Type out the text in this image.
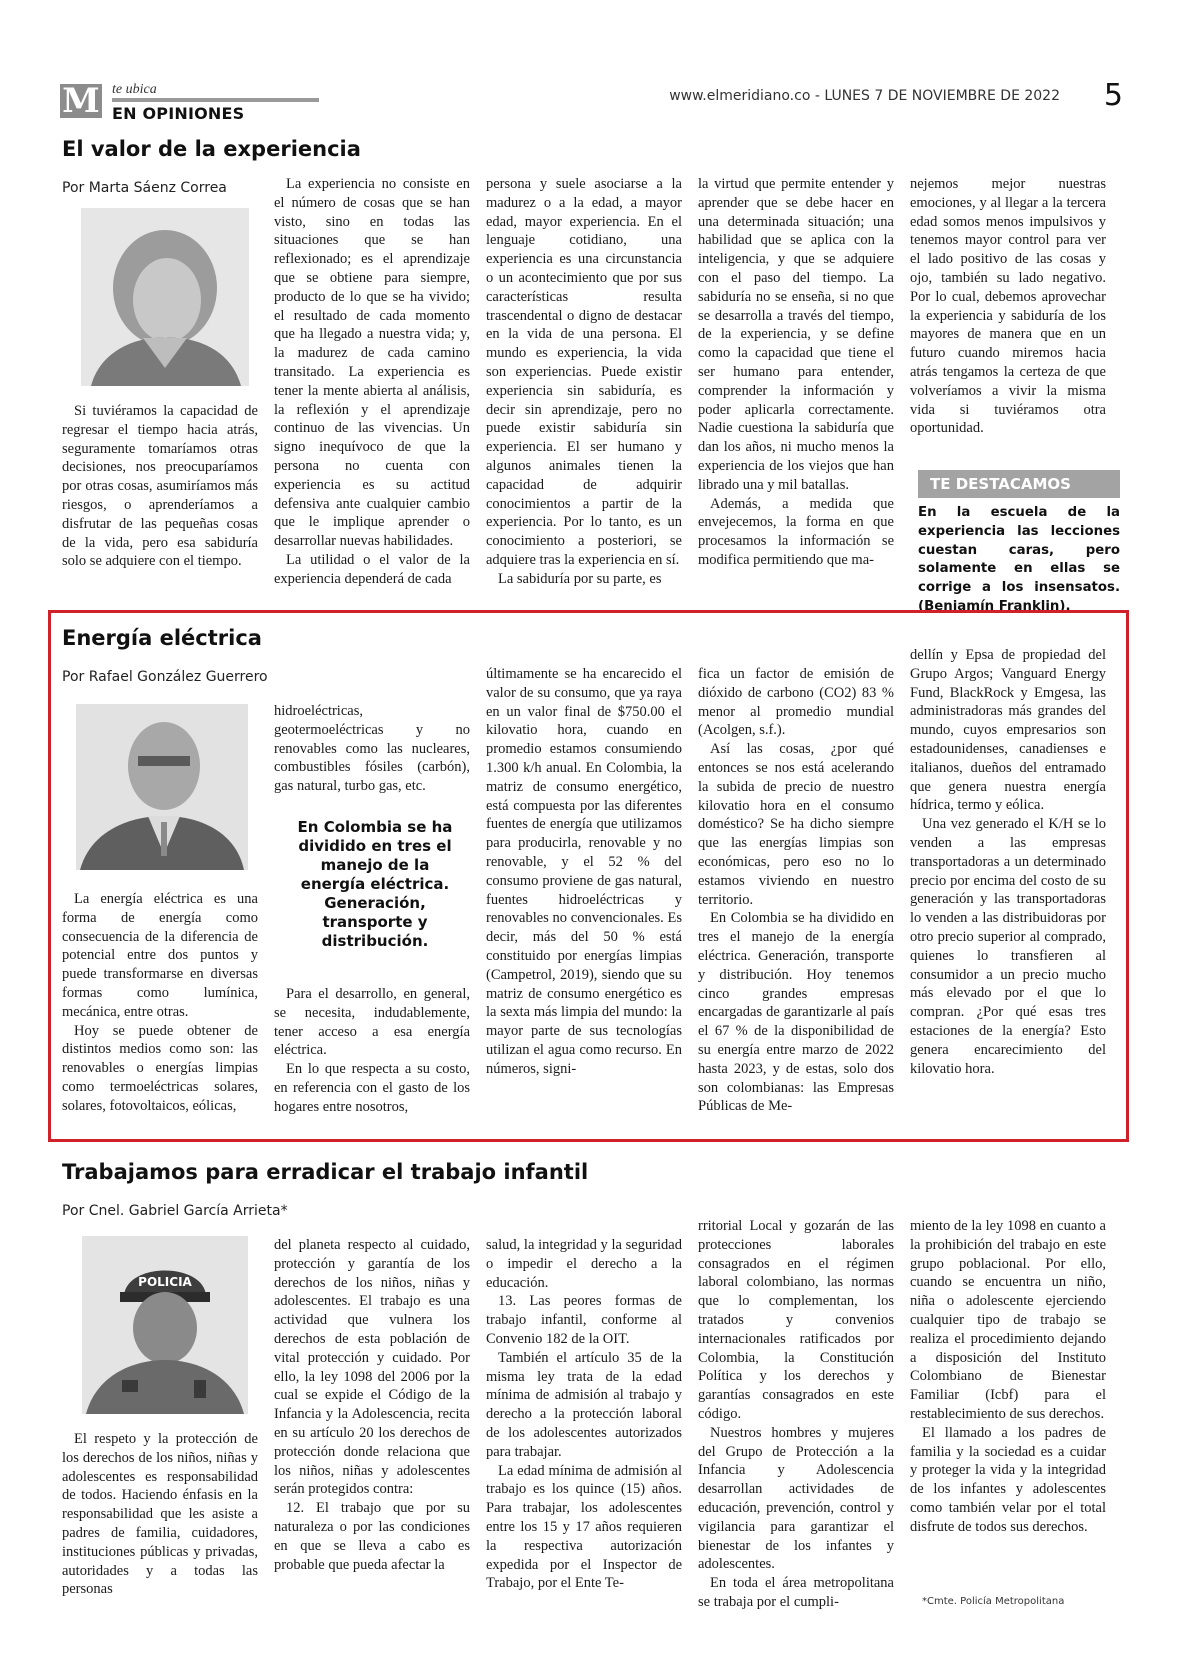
M te ubica
EN OPINIONES
www.elmeridiano.co - LUNES 7 DE NOVIEMBRE DE 2022 5
El valor de la experiencia
Por Marta Sáenz Correa

Si tuviéramos la capacidad de regresar el tiempo hacia atrás, seguramente tomaríamos otras decisiones, nos preocuparíamos por otras cosas, asumiríamos más riesgos, o aprenderíamos a disfrutar de las pequeñas cosas de la vida, pero esa sabiduría solo se adquiere con el tiempo.

La experiencia no consiste en el número de cosas que se han visto, sino en todas las situaciones que se han reflexionado; es el aprendizaje que se obtiene para siempre, producto de lo que se ha vivido; el resultado de cada momento que ha llegado a nuestra vida; y, la madurez de cada camino transitado. La experiencia es tener la mente abierta al análisis, la reflexión y el aprendizaje continuo de las vivencias. Un signo inequívoco de que la persona no cuenta con experiencia es su actitud defensiva ante cualquier cambio que le implique aprender o desarrollar nuevas habilidades.

La utilidad o el valor de la experiencia dependerá de cada

persona y suele asociarse a la madurez o a la edad, a mayor edad, mayor experiencia. En el lenguaje cotidiano, una experiencia es una circunstancia o un acontecimiento que por sus características resulta trascendental o digno de destacar en la vida de una persona. El mundo es experiencia, la vida son experiencias. Puede existir experiencia sin sabiduría, es decir sin aprendizaje, pero no puede existir sabiduría sin experiencia. El ser humano y algunos animales tienen la capacidad de adquirir conocimientos a partir de la experiencia. Por lo tanto, es un conocimiento a posteriori, se adquiere tras la experiencia en sí.

La sabiduría por su parte, es

la virtud que permite entender y aprender que se debe hacer en una determinada situación; una habilidad que se aplica con la inteligencia, y que se adquiere con el paso del tiempo. La sabiduría no se enseña, si no que se desarrolla a través del tiempo, de la experiencia, y se define como la capacidad que tiene el ser humano para entender, comprender la información y poder aplicarla correctamente. Nadie cuestiona la sabiduría que dan los años, ni mucho menos la experiencia de los viejos que han librado una y mil batallas.

Además, a medida que envejecemos, la forma en que procesamos la información se modifica permitiendo que ma-

nejemos mejor nuestras emociones, y al llegar a la tercera edad somos menos impulsivos y tenemos mayor control para ver el lado positivo de las cosas y ojo, también su lado negativo. Por lo cual, debemos aprovechar la experiencia y sabiduría de los mayores de manera que en un futuro cuando miremos hacia atrás tengamos la certeza de que volveríamos a vivir la misma vida si tuviéramos otra oportunidad.

TE DESTACAMOS
En la escuela de la experiencia las lecciones cuestan caras, pero solamente en ellas se corrige a los insensatos. (Benjamín Franklin).
Energía eléctrica
Por Rafael González Guerrero

La energía eléctrica es una forma de energía como consecuencia de la diferencia de potencial entre dos puntos y puede transformarse en diversas formas como lumínica, mecánica, entre otras.

Hoy se puede obtener de distintos medios como son: las renovables o energías limpias como termoeléctricas solares, solares, fotovoltaicos, eólicas,

hidroeléctricas, geotermoeléctricas y no renovables como las nucleares, combustibles fósiles (carbón), gas natural, turbo gas, etc.

En Colombia se ha dividido en tres el manejo de la energía eléctrica. Generación, transporte y distribución.

Para el desarrollo, en general, se necesita, indudablemente, tener acceso a esa energía eléctrica.

En lo que respecta a su costo, en referencia con el gasto de los hogares entre nosotros,

últimamente se ha encarecido el valor de su consumo, que ya raya en un valor final de $750.00 el kilovatio hora, cuando en promedio estamos consumiendo 1.300 k/h anual. En Colombia, la matriz de consumo energético, está compuesta por las diferentes fuentes de energía que utilizamos para producirla, renovable y no renovable, y el 52 % del consumo proviene de gas natural, fuentes hidroeléctricas y renovables no convencionales. Es decir, más del 50 % está constituido por energías limpias (Campetrol, 2019), siendo que su matriz de consumo energético es la sexta más limpia del mundo: la mayor parte de sus tecnologías utilizan el agua como recurso. En números, signi-

fica un factor de emisión de dióxido de carbono (CO2) 83 % menor al promedio mundial (Acolgen, s.f.).

Así las cosas, ¿por qué entonces se nos está acelerando la subida de precio de nuestro kilovatio hora en el consumo doméstico? Se ha dicho siempre que las energías limpias son económicas, pero eso no lo estamos viviendo en nuestro territorio.

En Colombia se ha dividido en tres el manejo de la energía eléctrica. Generación, transporte y distribución. Hoy tenemos cinco grandes empresas encargadas de garantizarle al país el 67 % de la disponibilidad de su energía entre marzo de 2022 hasta 2023, y de estas, solo dos son colombianas: las Empresas Públicas de Me-

dellín y Epsa de propiedad del Grupo Argos; Vanguard Energy Fund, BlackRock y Emgesa, las administradoras más grandes del mundo, cuyos empresarios son estadounidenses, canadienses e italianos, dueños del entramado que genera nuestra energía hídrica, termo y eólica.

Una vez generado el K/H se lo venden a las empresas transportadoras a un determinado precio por encima del costo de su generación y las transportadoras lo venden a las distribuidoras por otro precio superior al comprado, quienes lo transfieren al consumidor a un precio mucho más elevado por el que lo compran. ¿Por qué esas tres estaciones de la energía? Esto genera encarecimiento del kilovatio hora.

Trabajamos para erradicar el trabajo infantil
Por Cnel. Gabriel García Arrieta*
POLICIA

El respeto y la protección de los derechos de los niños, niñas y adolescentes es responsabilidad de todos. Haciendo énfasis en la responsabilidad que les asiste a padres de familia, cuidadores, instituciones públicas y privadas, autoridades y a todas las personas

del planeta respecto al cuidado, protección y garantía de los derechos de los niños, niñas y adolescentes. El trabajo es una actividad que vulnera los derechos de esta población de vital protección y cuidado. Por ello, la ley 1098 del 2006 por la cual se expide el Código de la Infancia y la Adolescencia, recita en su artículo 20 los derechos de protección donde relaciona que los niños, niñas y adolescentes serán protegidos contra:

12. El trabajo que por su naturaleza o por las condiciones en que se lleva a cabo es probable que pueda afectar la

salud, la integridad y la seguridad o impedir el derecho a la educación.

13. Las peores formas de trabajo infantil, conforme al Convenio 182 de la OIT.

También el artículo 35 de la misma ley trata de la edad mínima de admisión al trabajo y derecho a la protección laboral de los adolescentes autorizados para trabajar.

La edad mínima de admisión al trabajo es los quince (15) años. Para trabajar, los adolescentes entre los 15 y 17 años requieren la respectiva autorización expedida por el Inspector de Trabajo, por el Ente Te-

rritorial Local y gozarán de las protecciones laborales consagrados en el régimen laboral colombiano, las normas que lo complementan, los tratados y convenios internacionales ratificados por Colombia, la Constitución Política y los derechos y garantías consagrados en este código.

Nuestros hombres y mujeres del Grupo de Protección a la Infancia y Adolescencia desarrollan actividades de educación, prevención, control y vigilancia para garantizar el bienestar de los infantes y adolescentes.

En toda el área metropolitana se trabaja por el cumpli-

miento de la ley 1098 en cuanto a la prohibición del trabajo en este grupo poblacional. Por ello, cuando se encuentra un niño, niña o adolescente ejerciendo cualquier tipo de trabajo se realiza el procedimiento dejando a disposición del Instituto Colombiano de Bienestar Familiar (Icbf) para el restablecimiento de sus derechos.

El llamado a los padres de familia y la sociedad es a cuidar y proteger la vida y la integridad de los infantes y adolescentes como también velar por el total disfrute de todos sus derechos.

*Cmte. Policía Metropolitana
